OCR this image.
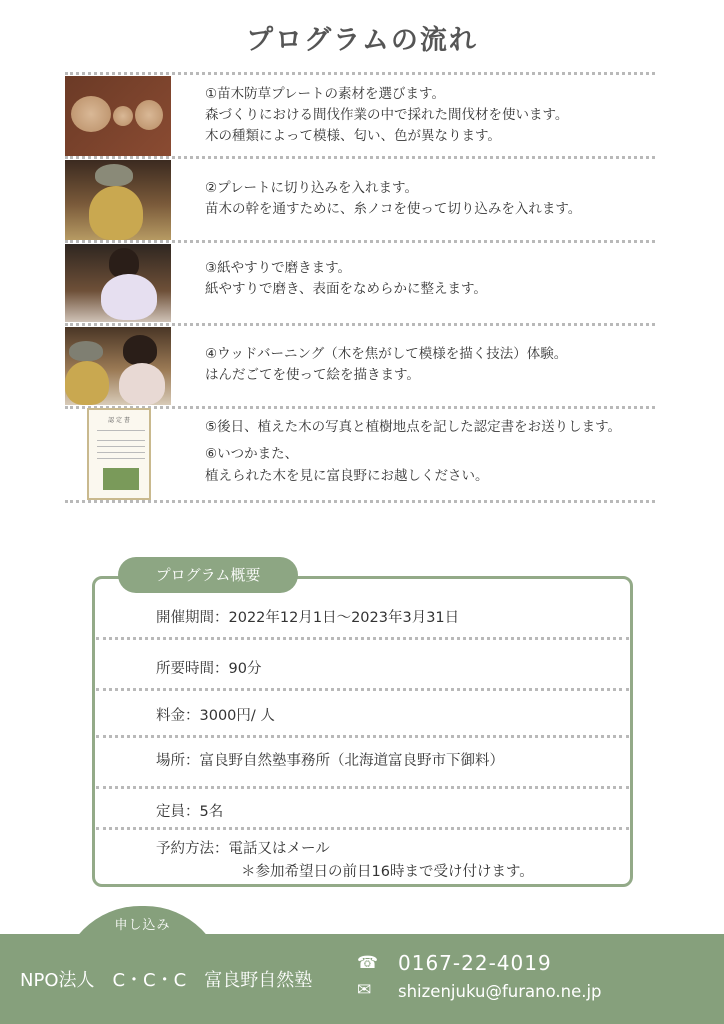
プログラムの流れ
①苗木防草プレートの素材を選びます。
森づくりにおける間伐作業の中で採れた間伐材を使います。
木の種類によって模様、匂い、色が異なります。
②プレートに切り込みを入れます。
苗木の幹を通すために、糸ノコを使って切り込みを入れます。
③紙やすりで磨きます。
紙やすりで磨き、表面をなめらかに整えます。
④ウッドバーニング（木を焦がして模様を描く技法）体験。
はんだごてを使って絵を描きます。
認 定 書	⑤後日、植えた木の写真と植樹地点を記した認定書をお送りします。
⑥いつかまた、
植えられた木を見に富良野にお越しください。
プログラム概要
開催期間：2022年12月1日～2023年3月31日
所要時間：90分
料金：3000円/ 人
場所：富良野自然塾事務所（北海道富良野市下御料）
定員：5名
予約方法：電話又はメール
＊参加希望日の前日16時まで受け付けます。
申し込み
NPO法人　C・C・C　富良野自然塾
☎ 0167-22-4019
✉ shizenjuku@furano.ne.jp
